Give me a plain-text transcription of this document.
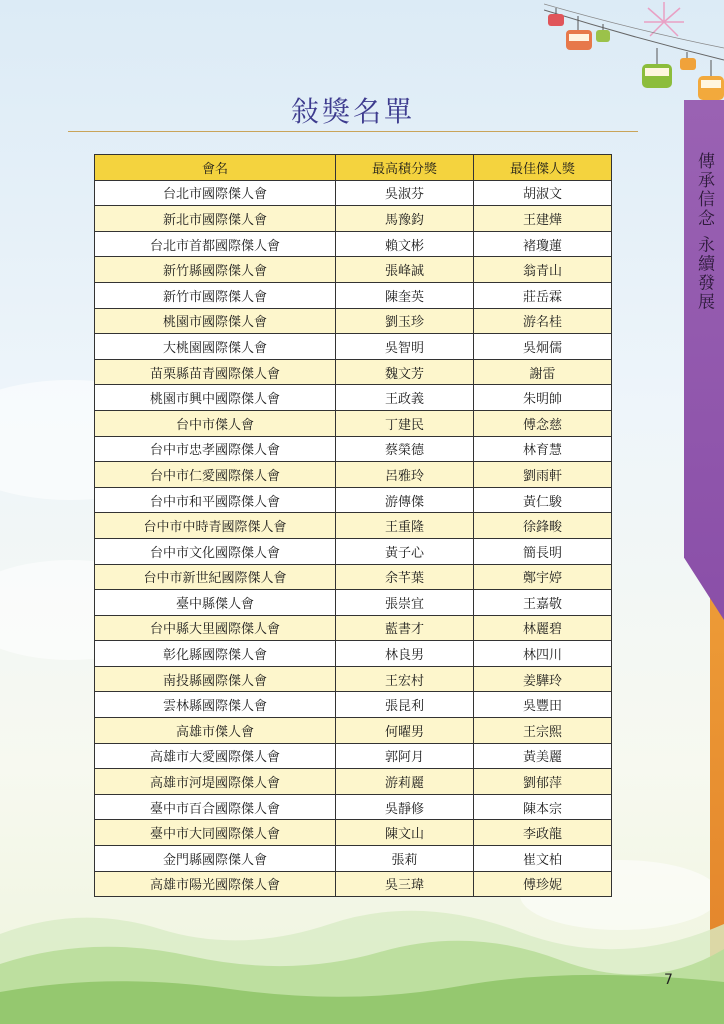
傳承信念 永續發展
敍獎名單
會名	最高積分獎	最佳傑人獎
台北市國際傑人會	吳淑芬	胡淑文
新北市國際傑人會	馬豫鈞	王建燁
台北市首都國際傑人會	賴文彬	褚瓊蓮
新竹縣國際傑人會	張峰誠	翁青山
新竹市國際傑人會	陳奎英	莊岳霖
桃園市國際傑人會	劉玉珍	游名桂
大桃園國際傑人會	吳智明	吳炯儒
苗栗縣苗青國際傑人會	魏文芳	謝雷
桃園市興中國際傑人會	王政義	朱明帥
台中市傑人會	丁建民	傅念慈
台中市忠孝國際傑人會	蔡榮德	林育慧
台中市仁愛國際傑人會	呂雅玲	劉雨軒
台中市和平國際傑人會	游傳傑	黃仁駿
台中市中時青國際傑人會	王重隆	徐鋒畯
台中市文化國際傑人會	黃子心	簡長明
台中市新世紀國際傑人會	余芊葉	鄭宇婷
臺中縣傑人會	張崇宜	王嘉敬
台中縣大里國際傑人會	藍書才	林麗碧
彰化縣國際傑人會	林良男	林四川
南投縣國際傑人會	王宏村	姜驊玲
雲林縣國際傑人會	張昆利	吳豐田
高雄市傑人會	何曜男	王宗熙
高雄市大愛國際傑人會	郭阿月	黃美麗
高雄市河堤國際傑人會	游莉麗	劉郁萍
臺中市百合國際傑人會	吳靜修	陳本宗
臺中市大同國際傑人會	陳文山	李政龍
金門縣國際傑人會	張莉	崔文柏
高雄市陽光國際傑人會	吳三瑋	傅珍妮
7
